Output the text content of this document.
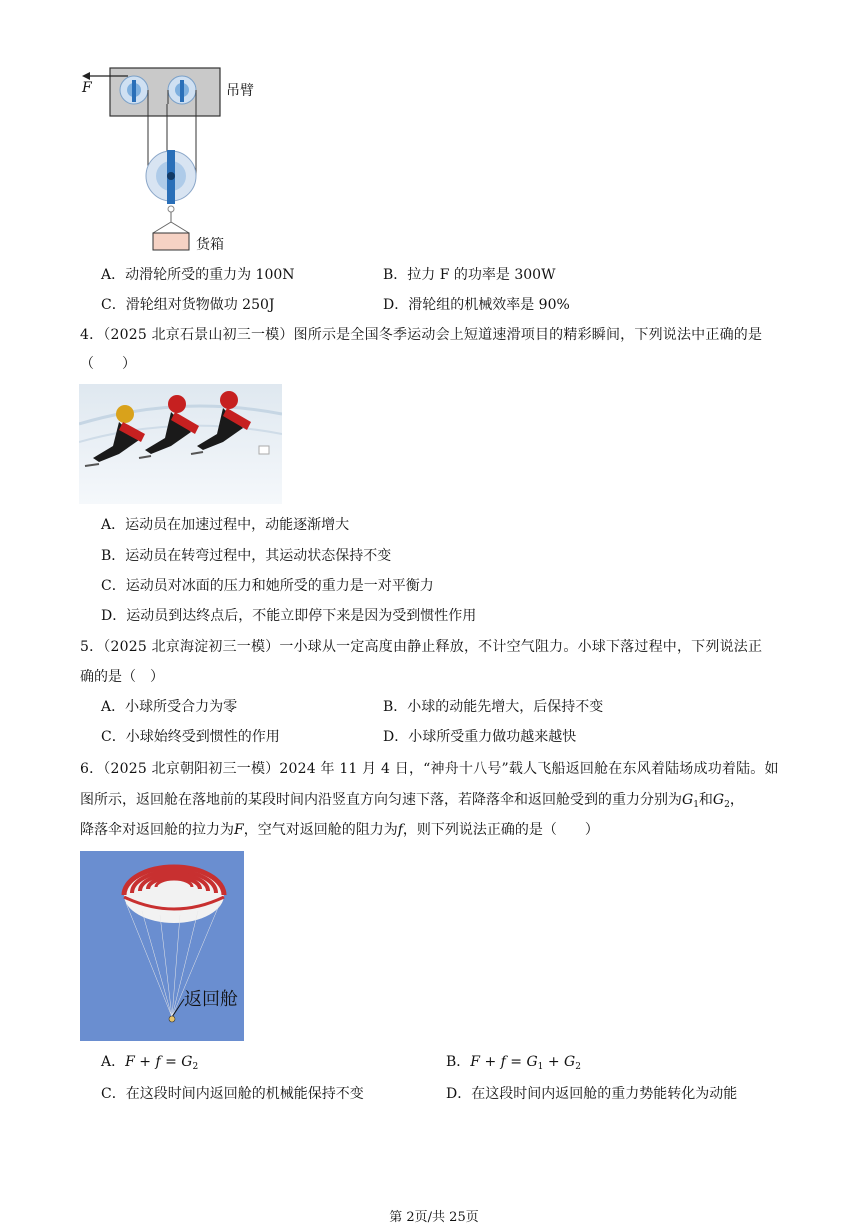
F	吊臂
货箱
A．动滑轮所受的重力为 100N	B．拉力 F 的功率是 300W
C．滑轮组对货物做功 250J	D．滑轮组的机械效率是 90%
4．（2025 北京石景山初三一模）图所示是全国冬季运动会上短道速滑项目的精彩瞬间，下列说法中正确的是
（　　）
A．运动员在加速过程中，动能逐渐增大
B．运动员在转弯过程中，其运动状态保持不变
C．运动员对冰面的压力和她所受的重力是一对平衡力
D．运动员到达终点后，不能立即停下来是因为受到惯性作用
5．（2025 北京海淀初三一模）一小球从一定高度由静止释放，不计空气阻力。小球下落过程中，下列说法正
确的是（　）
A．小球所受合力为零	B．小球的动能先增大，后保持不变
C．小球始终受到惯性的作用	D．小球所受重力做功越来越快
6．（2025 北京朝阳初三一模）2024 年 11 月 4 日，“神舟十八号”载人飞船返回舱在东风着陆场成功着陆。如
图所示，返回舱在落地前的某段时间内沿竖直方向匀速下落，若降落伞和返回舱受到的重力分别为$G_1$和$G_2$，
降落伞对返回舱的拉力为F，空气对返回舱的阻力为f，则下列说法正确的是（　　）
返回舱
A．$F + f = G_2$	B．$F + f = G_1 + G_2$
C．在这段时间内返回舱的机械能保持不变	D．在这段时间内返回舱的重力势能转化为动能
第 2页/共 25页
